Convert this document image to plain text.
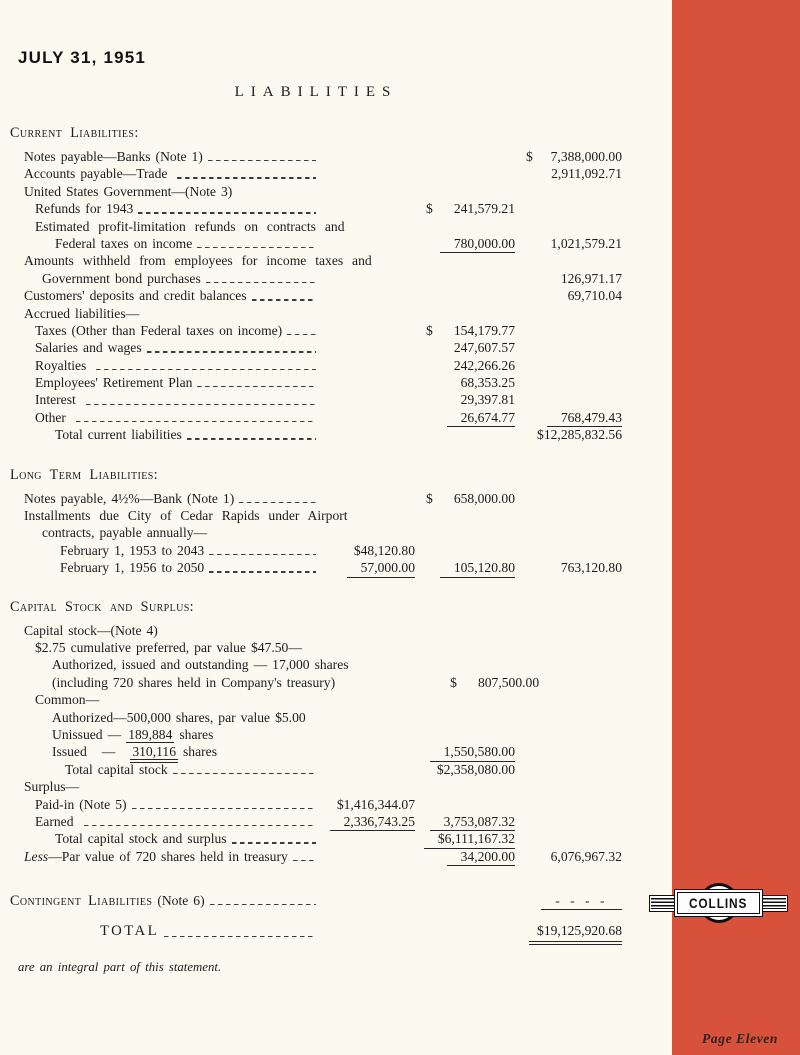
JULY 31, 1951
LIABILITIES
Current Liabilities:
Notes payable—Banks (Note 1)	$ 7,388,000.00
Accounts payable—Trade	2,911,092.71
United States Government—(Note 3)
Refunds for 1943	$ 241,579.21
Estimated profit-limitation refunds on contracts and
Federal taxes on income	780,000.00	1,021,579.21
Amounts withheld from employees for income taxes and
Government bond purchases	126,971.17
Customers' deposits and credit balances	69,710.04
Accrued liabilities—
Taxes (Other than Federal taxes on income)	$ 154,179.77
Salaries and wages	247,607.57
Royalties	242,266.26
Employees' Retirement Plan	68,353.25
Interest	29,397.81
Other	26,674.77	768,479.43
Total current liabilities	$12,285,832.56
Long Term Liabilities:
Notes payable, 4½%—Bank (Note 1)	$ 658,000.00
Installments due City of Cedar Rapids under Airport
contracts, payable annually—
February 1, 1953 to 2043	$48,120.80
February 1, 1956 to 2050	57,000.00	105,120.80	763,120.80
Capital Stock and Surplus:
Capital stock—(Note 4)
$2.75 cumulative preferred, par value $47.50—
Authorized, issued and outstanding — 17,000 shares
(including 720 shares held in Company's treasury)	$ 807,500.00
Common—
Authorized—500,000 shares, par value $5.00
Unissued — 189,884 shares
Issued   —   310,116 shares	1,550,580.00
Total capital stock	$2,358,080.00
Surplus—
Paid-in (Note 5)	$1,416,344.07
Earned	2,336,743.25	3,753,087.32
Total capital stock and surplus	$6,111,167.32
Less—Par value of 720 shares held in treasury	34,200.00	6,076,967.32
Contingent Liabilities (Note 6)	- - - -
TOTAL	$19,125,920.68
are an integral part of this statement.
COLLINS
Page Eleven
